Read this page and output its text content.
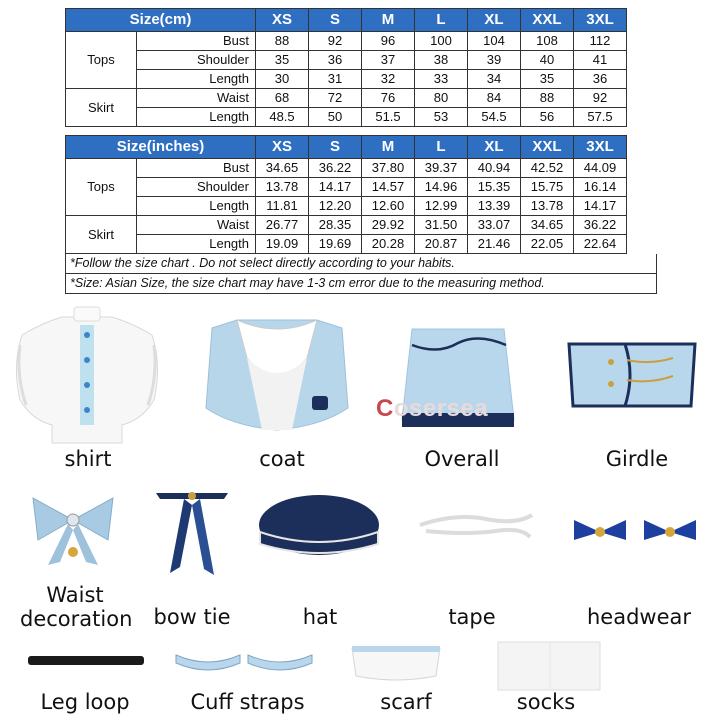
Size(cm)		XS	S	M	L	XL	XXL	3XL
Tops	Bust	88	92	96	100	104	108	112
	Shoulder	35	36	37	38	39	40	41
	Length	30	31	32	33	34	35	36
Skirt	Waist	68	72	76	80	84	88	92
	Length	48.5	50	51.5	53	54.5	56	57.5
Size(inches)		XS	S	M	L	XL	XXL	3XL
Tops	Bust	34.65	36.22	37.80	39.37	40.94	42.52	44.09
	Shoulder	13.78	14.17	14.57	14.96	15.35	15.75	16.14
	Length	11.81	12.20	12.60	12.99	13.39	13.78	14.17
Skirt	Waist	26.77	28.35	29.92	31.50	33.07	34.65	36.22
	Length	19.09	19.69	20.28	20.87	21.46	22.05	22.64
*Follow the size chart . Do not select directly according to your habits.
*Size: Asian Size, the size chart may have 1-3 cm error due to the measuring method.
shirt	coat
Cosersea
Overall	Girdle
Waist
decoration	bow tie	hat	tape	headwear
Leg loop	Cuff straps	scarf	socks
